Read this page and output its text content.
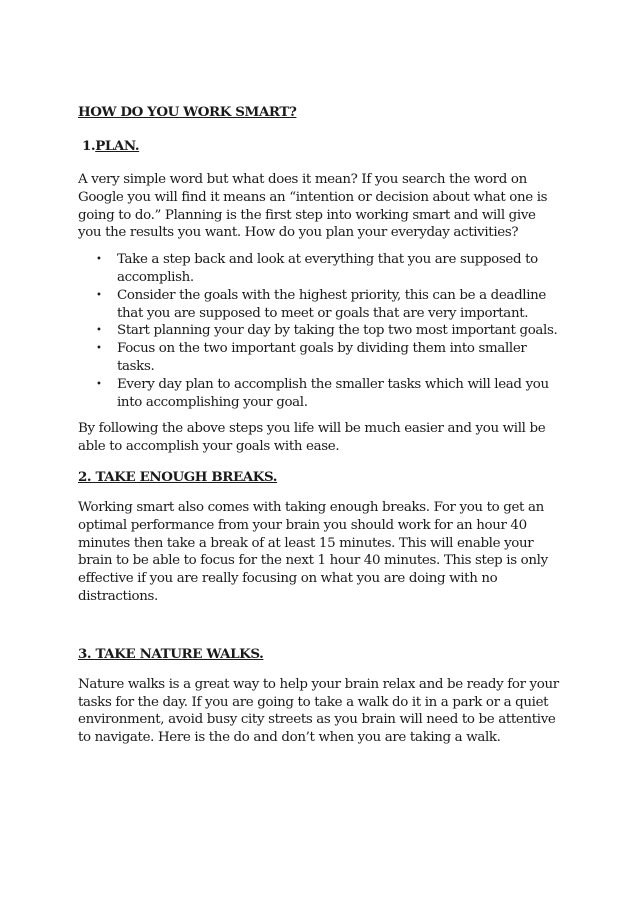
HOW DO YOU WORK SMART?

1.PLAN.

A very simple word but what does it mean? If you search the word on Google you will find it means an “intention or decision about what one is going to do.” Planning is the first step into working smart and will give you the results you want. How do you plan your everyday activities?

• Take a step back and look at everything that you are supposed to accomplish.
• Consider the goals with the highest priority, this can be a deadline that you are supposed to meet or goals that are very important.
• Start planning your day by taking the top two most important goals.
• Focus on the two important goals by dividing them into smaller tasks.
• Every day plan to accomplish the smaller tasks which will lead you into accomplishing your goal.

By following the above steps you life will be much easier and you will be able to accomplish your goals with ease.

2. TAKE ENOUGH BREAKS.

Working smart also comes with taking enough breaks. For you to get an optimal performance from your brain you should work for an hour 40 minutes then take a break of at least 15 minutes. This will enable your brain to be able to focus for the next 1 hour 40 minutes. This step is only effective if you are really focusing on what you are doing with no distractions.

3. TAKE NATURE WALKS.

Nature walks is a great way to help your brain relax and be ready for your tasks for the day. If you are going to take a walk do it in a park or a quiet environment, avoid busy city streets as you brain will need to be attentive to navigate. Here is the do and don’t when you are taking a walk.
